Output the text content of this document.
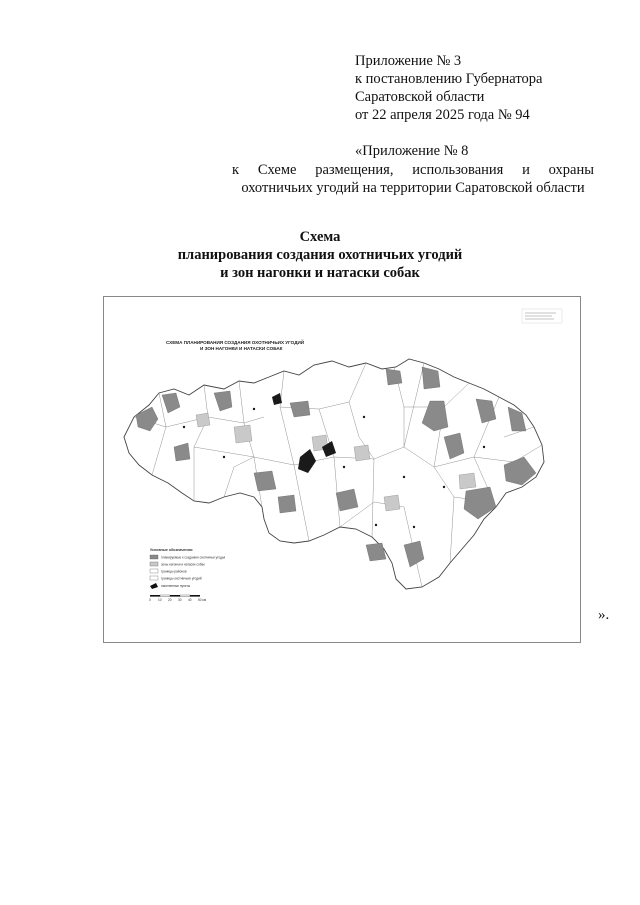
Приложение № 3
к постановлению Губернатора
Саратовской области
от 22 апреля 2025 года № 94
«Приложение № 8
к Схеме размещения, использования и охраны
охотничьих угодий на территории Саратовской области
Схема
планирования создания охотничьих угодий
и зон нагонки и натаски собак
СХЕМА ПЛАНИРОВАНИЯ СОЗДАНИЯ ОХОТНИЧЬИХ УГОДИЙ
И ЗОН НАГОНКИ И НАТАСКИ СОБАК
Условные обозначения:
планируемые к созданию охотничьи угодья
зоны нагонки и натаски собак
границы районов
границы охотничьих угодий
населенные пункты
0 10 20 30 40 50 км
».
